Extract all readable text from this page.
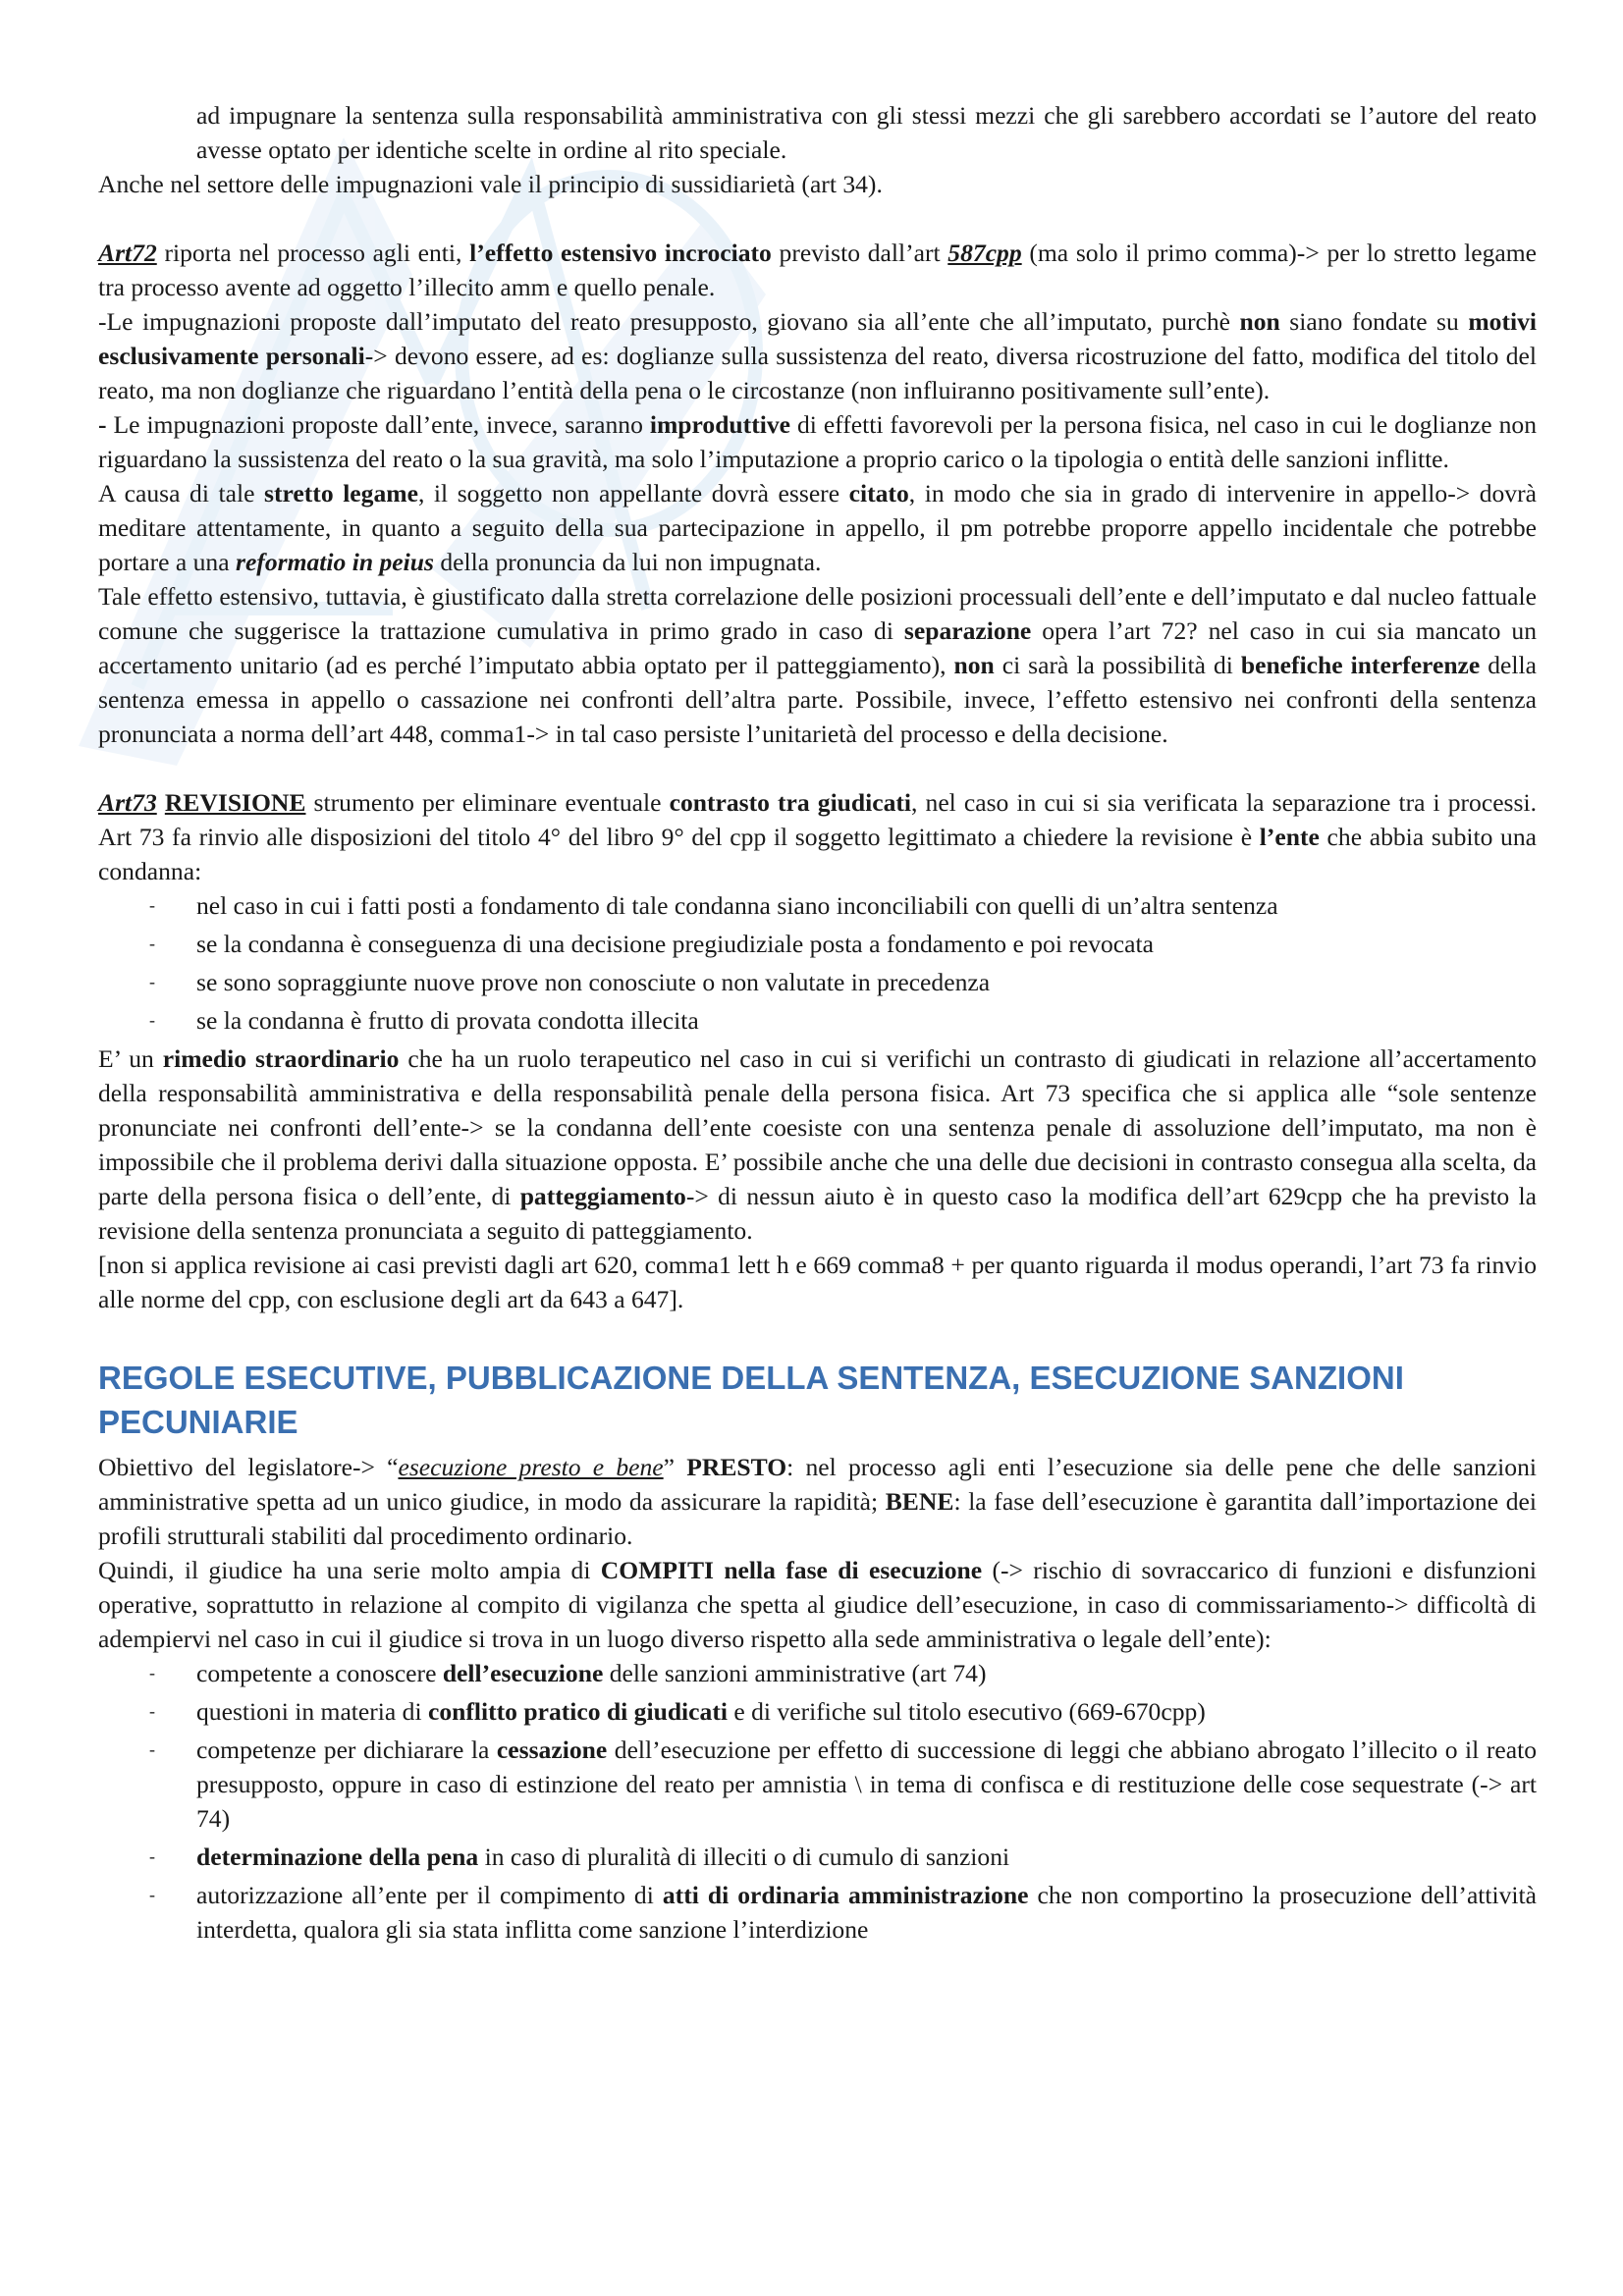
ad impugnare la sentenza sulla responsabilità amministrativa con gli stessi mezzi che gli sarebbero accordati se l’autore del reato avesse optato per identiche scelte in ordine al rito speciale.

Anche nel settore delle impugnazioni vale il principio di sussidiarietà (art 34).

Art72 riporta nel processo agli enti, l’effetto estensivo incrociato previsto dall’art 587cpp (ma solo il primo comma)-> per lo stretto legame tra processo avente ad oggetto l’illecito amm e quello penale.

-Le impugnazioni proposte dall’imputato del reato presupposto, giovano sia all’ente che all’imputato, purchè non siano fondate su motivi esclusivamente personali-> devono essere, ad es: doglianze sulla sussistenza del reato, diversa ricostruzione del fatto, modifica del titolo del reato, ma non doglianze che riguardano l’entità della pena o le circostanze (non influiranno positivamente sull’ente).

- Le impugnazioni proposte dall’ente, invece, saranno improduttive di effetti favorevoli per la persona fisica, nel caso in cui le doglianze non riguardano la sussistenza del reato o la sua gravità, ma solo l’imputazione a proprio carico o la tipologia o entità delle sanzioni inflitte.

A causa di tale stretto legame, il soggetto non appellante dovrà essere citato, in modo che sia in grado di intervenire in appello-> dovrà meditare attentamente, in quanto a seguito della sua partecipazione in appello, il pm potrebbe proporre appello incidentale che potrebbe portare a una reformatio in peius della pronuncia da lui non impugnata.

Tale effetto estensivo, tuttavia, è giustificato dalla stretta correlazione delle posizioni processuali dell’ente e dell’imputato e dal nucleo fattuale comune che suggerisce la trattazione cumulativa in primo grado in caso di separazione opera l’art 72? nel caso in cui sia mancato un accertamento unitario (ad es perché l’imputato abbia optato per il patteggiamento), non ci sarà la possibilità di benefiche interferenze della sentenza emessa in appello o cassazione nei confronti dell’altra parte. Possibile, invece, l’effetto estensivo nei confronti della sentenza pronunciata a norma dell’art 448, comma1-> in tal caso persiste l’unitarietà del processo e della decisione.

Art73 REVISIONE strumento per eliminare eventuale contrasto tra giudicati, nel caso in cui si sia verificata la separazione tra i processi. Art 73 fa rinvio alle disposizioni del titolo 4° del libro 9° del cpp il soggetto legittimato a chiedere la revisione è l’ente che abbia subito una condanna:

- nel caso in cui i fatti posti a fondamento di tale condanna siano inconciliabili con quelli di un’altra sentenza
- se la condanna è conseguenza di una decisione pregiudiziale posta a fondamento e poi revocata
- se sono sopraggiunte nuove prove non conosciute o non valutate in precedenza
- se la condanna è frutto di provata condotta illecita

E’ un rimedio straordinario che ha un ruolo terapeutico nel caso in cui si verifichi un contrasto di giudicati in relazione all’accertamento della responsabilità amministrativa e della responsabilità penale della persona fisica. Art 73 specifica che si applica alle “sole sentenze pronunciate nei confronti dell’ente-> se la condanna dell’ente coesiste con una sentenza penale di assoluzione dell’imputato, ma non è impossibile che il problema derivi dalla situazione opposta. E’ possibile anche che una delle due decisioni in contrasto consegua alla scelta, da parte della persona fisica o dell’ente, di patteggiamento-> di nessun aiuto è in questo caso la modifica dell’art 629cpp che ha previsto la revisione della sentenza pronunciata a seguito di patteggiamento.

[non si applica revisione ai casi previsti dagli art 620, comma1 lett h e 669 comma8 + per quanto riguarda il modus operandi, l’art 73 fa rinvio alle norme del cpp, con esclusione degli art da 643 a 647].

REGOLE ESECUTIVE, PUBBLICAZIONE DELLA SENTENZA, ESECUZIONE SANZIONI PECUNIARIE

Obiettivo del legislatore-> “esecuzione presto e bene” PRESTO: nel processo agli enti l’esecuzione sia delle pene che delle sanzioni amministrative spetta ad un unico giudice, in modo da assicurare la rapidità; BENE: la fase dell’esecuzione è garantita dall’importazione dei profili strutturali stabiliti dal procedimento ordinario.

Quindi, il giudice ha una serie molto ampia di COMPITI nella fase di esecuzione (-> rischio di sovraccarico di funzioni e disfunzioni operative, soprattutto in relazione al compito di vigilanza che spetta al giudice dell’esecuzione, in caso di commissariamento-> difficoltà di adempiervi nel caso in cui il giudice si trova in un luogo diverso rispetto alla sede amministrativa o legale dell’ente):

- competente a conoscere dell’esecuzione delle sanzioni amministrative (art 74)
- questioni in materia di conflitto pratico di giudicati e di verifiche sul titolo esecutivo (669-670cpp)
- competenze per dichiarare la cessazione dell’esecuzione per effetto di successione di leggi che abbiano abrogato l’illecito o il reato presupposto, oppure in caso di estinzione del reato per amnistia \ in tema di confisca e di restituzione delle cose sequestrate (-> art 74)
- determinazione della pena in caso di pluralità di illeciti o di cumulo di sanzioni
- autorizzazione all’ente per il compimento di atti di ordinaria amministrazione che non comportino la prosecuzione dell’attività interdetta, qualora gli sia stata inflitta come sanzione l’interdizione
